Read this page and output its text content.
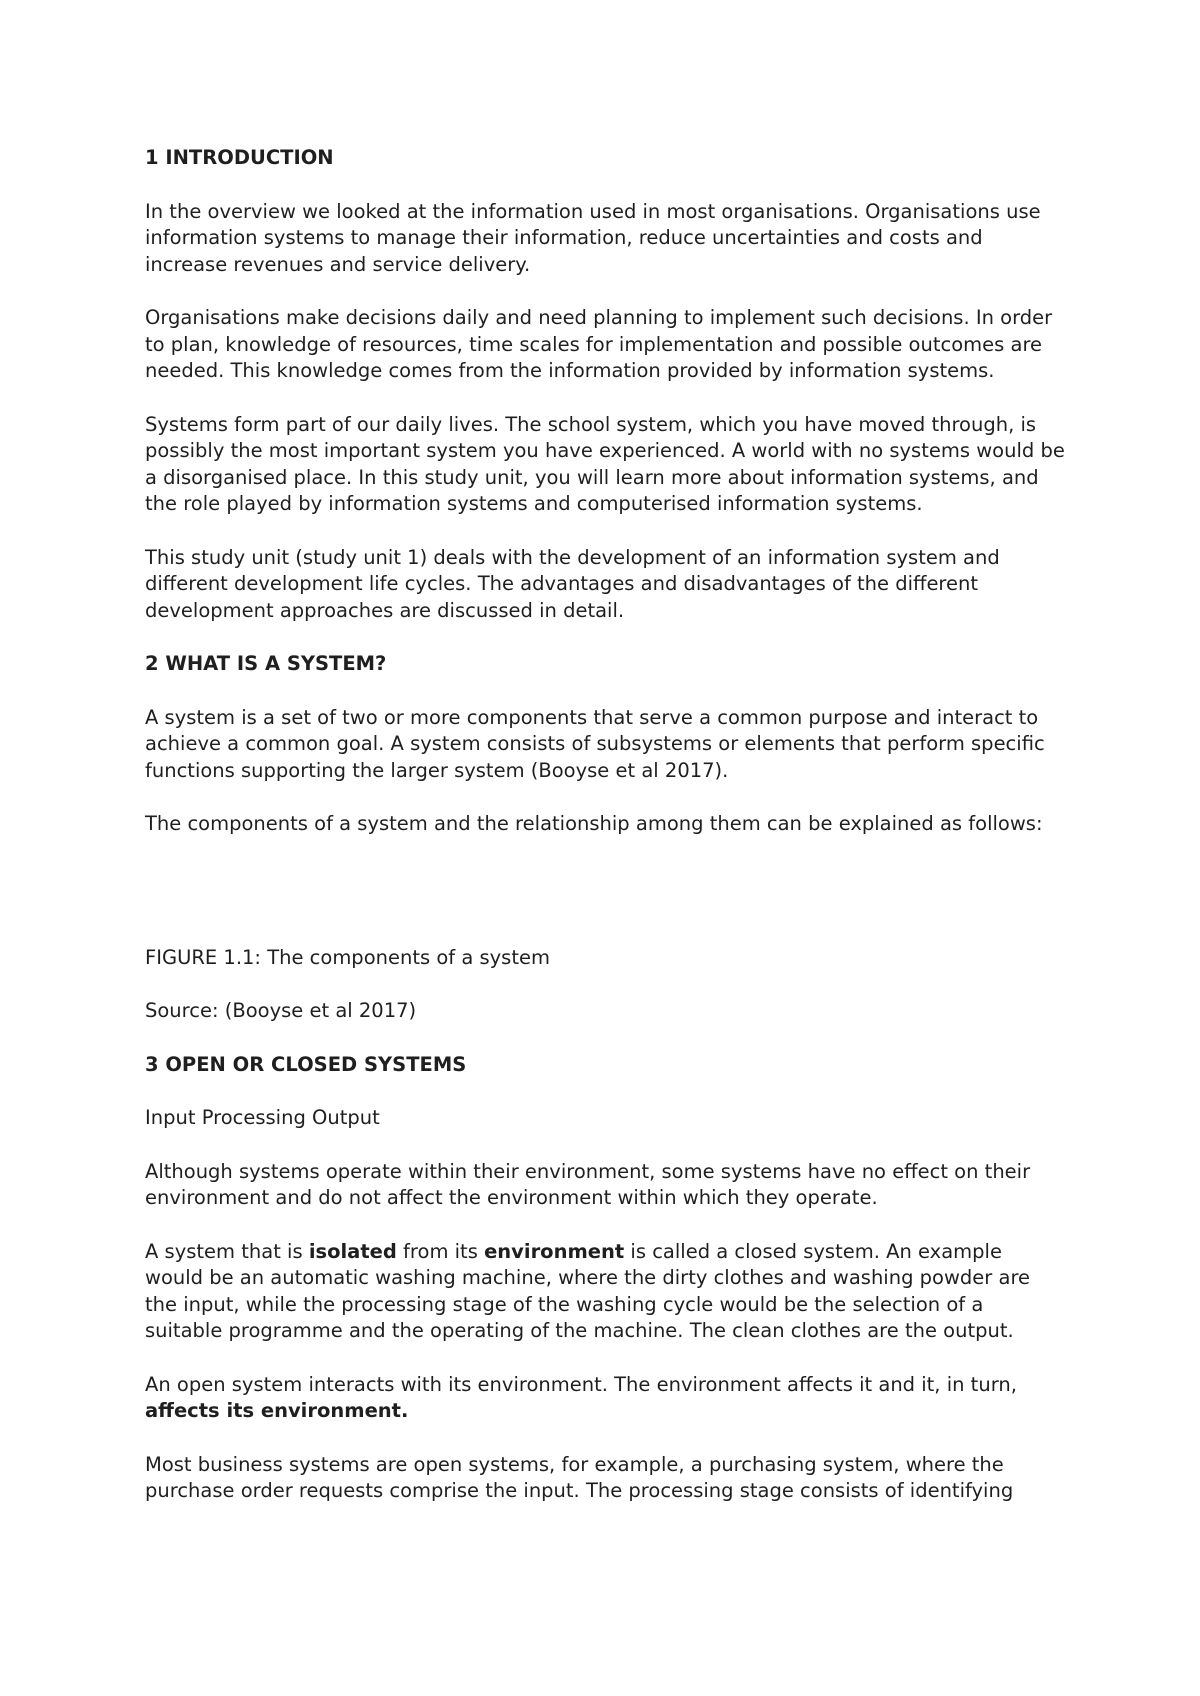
1 INTRODUCTION

In the overview we looked at the information used in most organisations. Organisations use information systems to manage their information, reduce uncertainties and costs and increase revenues and service delivery.

Organisations make decisions daily and need planning to implement such decisions. In order to plan, knowledge of resources, time scales for implementation and possible outcomes are needed. This knowledge comes from the information provided by information systems.

Systems form part of our daily lives. The school system, which you have moved through, is possibly the most important system you have experienced. A world with no systems would be a disorganised place. In this study unit, you will learn more about information systems, and the role played by information systems and computerised information systems.

This study unit (study unit 1) deals with the development of an information system and different development life cycles. The advantages and disadvantages of the different development approaches are discussed in detail.

2 WHAT IS A SYSTEM?

A system is a set of two or more components that serve a common purpose and interact to achieve a common goal. A system consists of subsystems or elements that perform specific functions supporting the larger system (Booyse et al 2017).

The components of a system and the relationship among them can be explained as follows:

FIGURE 1.1: The components of a system

Source: (Booyse et al 2017)

3 OPEN OR CLOSED SYSTEMS

Input Processing Output

Although systems operate within their environment, some systems have no effect on their environment and do not affect the environment within which they operate.

A system that is isolated from its environment is called a closed system. An example would be an automatic washing machine, where the dirty clothes and washing powder are the input, while the processing stage of the washing cycle would be the selection of a suitable programme and the operating of the machine. The clean clothes are the output.

An open system interacts with its environment. The environment affects it and it, in turn, affects its environment.

Most business systems are open systems, for example, a purchasing system, where the purchase order requests comprise the input. The processing stage consists of identifying
